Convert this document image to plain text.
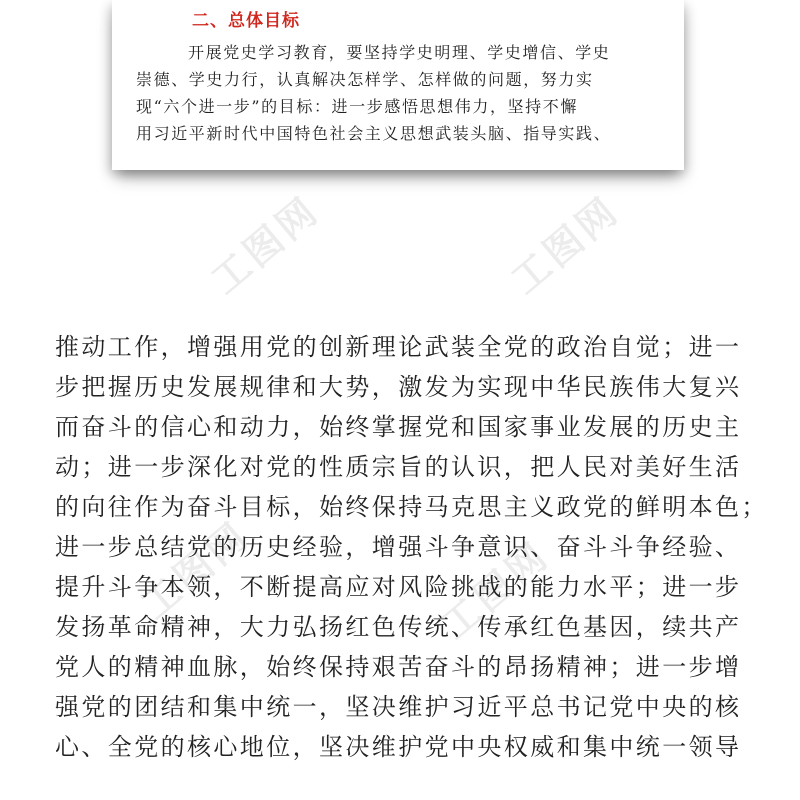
工图网	工图网
工图网	工图网
二、总体目标
开展党史学习教育，要坚持学史明理、学史增信、学史
崇德、学史力行，认真解决怎样学、怎样做的问题，努力实
现“六个进一步”的目标：进一步感悟思想伟力，坚持不懈
用习近平新时代中国特色社会主义思想武装头脑、指导实践、
推动工作，增强用党的创新理论武装全党的政治自觉；进一
步把握历史发展规律和大势，激发为实现中华民族伟大复兴
而奋斗的信心和动力，始终掌握党和国家事业发展的历史主
动；进一步深化对党的性质宗旨的认识，把人民对美好生活
的向往作为奋斗目标，始终保持马克思主义政党的鲜明本色；
进一步总结党的历史经验，增强斗争意识、奋斗斗争经验、
提升斗争本领，不断提高应对风险挑战的能力水平；进一步
发扬革命精神，大力弘扬红色传统、传承红色基因，续共产
党人的精神血脉，始终保持艰苦奋斗的昂扬精神；进一步增
强党的团结和集中统一，坚决维护习近平总书记党中央的核
心、全党的核心地位，坚决维护党中央权威和集中统一领导
